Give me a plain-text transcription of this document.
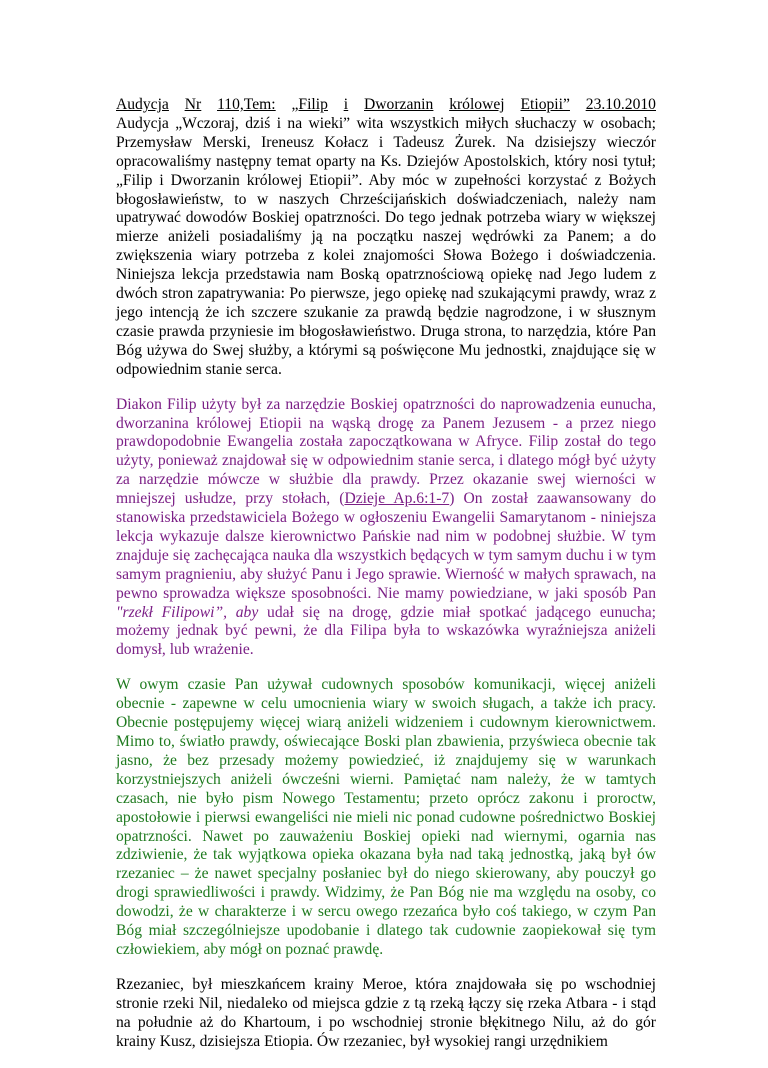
Audycja Nr 110,Tem: „Filip i Dworzanin królowej Etiopii” 23.10.2010

Audycja „Wczoraj, dziś i na wieki” wita wszystkich miłych słuchaczy w osobach; Przemysław Merski, Ireneusz Kołacz i Tadeusz Żurek. Na dzisiejszy wieczór opracowaliśmy następny temat oparty na Ks. Dziejów Apostolskich, który nosi tytuł; „Filip i Dworzanin królowej Etiopii”. Aby móc w zupełności korzystać z Bożych błogosławieństw, to w naszych Chrześcijańskich doświadczeniach, należy nam upatrywać dowodów Boskiej opatrzności. Do tego jednak potrzeba wiary w większej mierze aniżeli posiadaliśmy ją na początku naszej wędrówki za Panem; a do zwiększenia wiary potrzeba z kolei znajomości Słowa Bożego i doświadczenia. Niniejsza lekcja przedstawia nam Boską opatrznościową opiekę nad Jego ludem z dwóch stron zapatrywania: Po pierwsze, jego opiekę nad szukającymi prawdy, wraz z jego intencją że ich szczere szukanie za prawdą będzie nagrodzone, i w słusznym czasie prawda przyniesie im błogosławieństwo. Druga strona, to narzędzia, które Pan Bóg używa do Swej służby, a którymi są poświęcone Mu jednostki, znajdujące się w odpowiednim stanie serca.

Diakon Filip użyty był za narzędzie Boskiej opatrzności do naprowadzenia eunucha, dworzanina królowej Etiopii na wąską drogę za Panem Jezusem - a przez niego prawdopodobnie Ewangelia została zapoczątkowana w Afryce. Filip został do tego użyty, ponieważ znajdował się w odpowiednim stanie serca, i dlatego mógł być użyty za narzędzie mówcze w służbie dla prawdy. Przez okazanie swej wierności w mniejszej usłudze, przy stołach, (Dzieje Ap.6:1-7) On został zaawansowany do stanowiska przedstawiciela Bożego w ogłoszeniu Ewangelii Samarytanom - niniejsza lekcja wykazuje dalsze kierownictwo Pańskie nad nim w podobnej służbie. W tym znajduje się zachęcająca nauka dla wszystkich będących w tym samym duchu i w tym samym pragnieniu, aby służyć Panu i Jego sprawie. Wierność w małych sprawach, na pewno sprowadza większe sposobności. Nie mamy powiedziane, w jaki sposób Pan "rzekł Filipowi”, aby udał się na drogę, gdzie miał spotkać jadącego eunucha; możemy jednak być pewni, że dla Filipa była to wskazówka wyraźniejsza aniżeli domysł, lub wrażenie.

W owym czasie Pan używał cudownych sposobów komunikacji, więcej aniżeli obecnie - zapewne w celu umocnienia wiary w swoich sługach, a także ich pracy. Obecnie postępujemy więcej wiarą aniżeli widzeniem i cudownym kierownictwem. Mimo to, światło prawdy, oświecające Boski plan zbawienia, przyświeca obecnie tak jasno, że bez przesady możemy powiedzieć, iż znajdujemy się w warunkach korzystniejszych aniżeli ówcześni wierni. Pamiętać nam należy, że w tamtych czasach, nie było pism Nowego Testamentu; przeto oprócz zakonu i proroctw, apostołowie i pierwsi ewangeliści nie mieli nic ponad cudowne pośrednictwo Boskiej opatrzności. Nawet po zauważeniu Boskiej opieki nad wiernymi, ogarnia nas zdziwienie, że tak wyjątkowa opieka okazana była nad taką jednostką, jaką był ów rzezaniec – że nawet specjalny posłaniec był do niego skierowany, aby pouczył go drogi sprawiedliwości i prawdy. Widzimy, że Pan Bóg nie ma względu na osoby, co dowodzi, że w charakterze i w sercu owego rzezańca było coś takiego, w czym Pan Bóg miał szczególniejsze upodobanie i dlatego tak cudownie zaopiekował się tym człowiekiem, aby mógł on poznać prawdę.

Rzezaniec, był mieszkańcem krainy Meroe, która znajdowała się po wschodniej stronie rzeki Nil, niedaleko od miejsca gdzie z tą rzeką łączy się rzeka Atbara - i stąd na południe aż do Khartoum, i po wschodniej stronie błękitnego Nilu, aż do gór krainy Kusz, dzisiejsza Etiopia. Ów rzezaniec, był wysokiej rangi urzędnikiem
